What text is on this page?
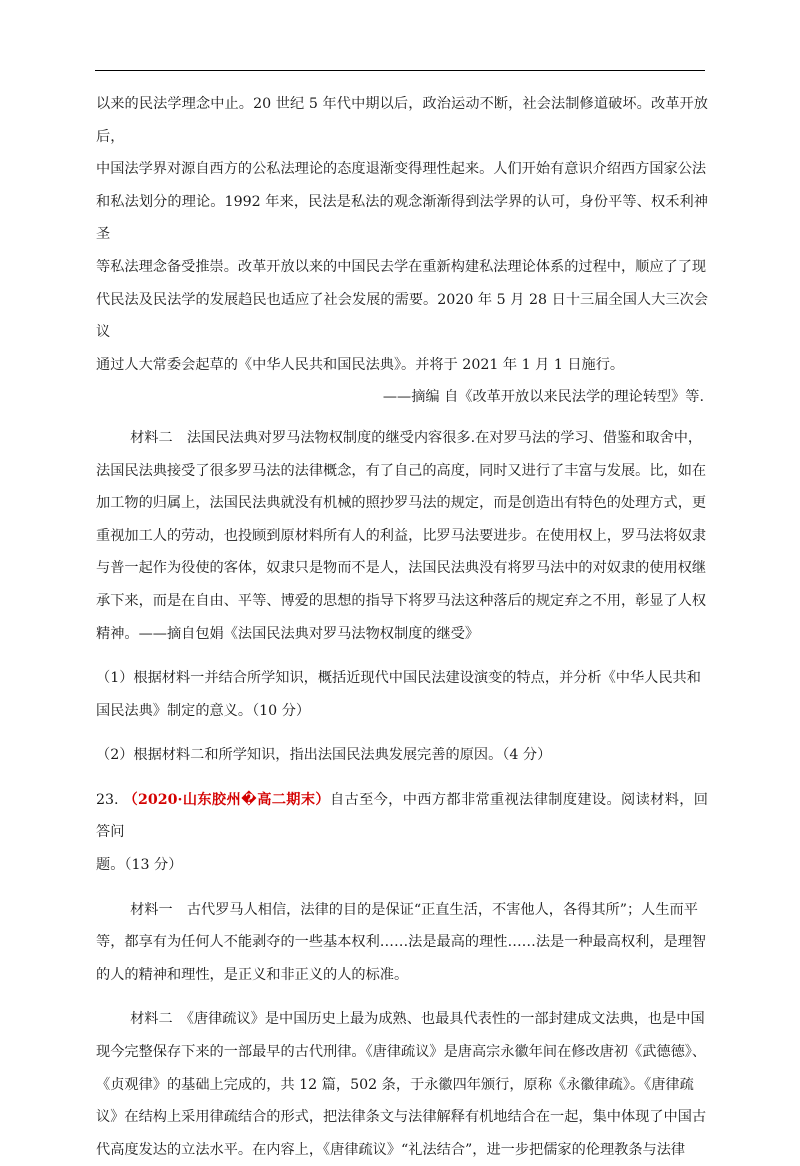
以来的民法学理念中止。20 世纪 5 年代中期以后，政治运动不断，社会法制修道破坏。改革开放后，

中国法学界对源自西方的公私法理论的态度退渐变得理性起来。人们开始有意识介绍西方国家公法

和私法划分的理论。1992 年来，民法是私法的观念渐渐得到法学界的认可，身份平等、权禾利神圣

等私法理念备受推崇。改革开放以来的中国民去学在重新构建私法理论体系的过程中，顺应了了现

代民法及民法学的发展趋民也适应了社会发展的需要。2020 年 5 月 28 日十三届全国人大三次会议

通过人大常委会起草的《中华人民共和国民法典》。并将于 2021 年 1 月 1 日施行。

——摘编 自《改革开放以来民法学的理论转型》等.

材料二　法国民法典对罗马法物权制度的继受内容很多.在对罗马法的学习、借鉴和取舍中，

法国民法典接受了很多罗马法的法律概念，有了自己的高度，同时又进行了丰富与发展。比，如在

加工物的归属上，法国民法典就没有机械的照抄罗马法的规定，而是创造出有特色的处理方式，更

重视加工人的劳动，也投顾到原材料所有人的利益，比罗马法要进步。在使用权上，罗马法将奴隶

与普一起作为役使的客体，奴隶只是物而不是人，法国民法典没有将罗马法中的对奴隶的使用权继

承下来，而是在自由、平等、博爱的思想的指导下将罗马法这种落后的规定弃之不用，彰显了人权

精神。——摘自包娟《法国民法典对罗马法物权制度的继受》

（1）根据材料一并结合所学知识，概括近现代中国民法建设演变的特点，并分析《中华人民共和

国民法典》制定的意义。（10 分）

（2）根据材料二和所学知识，指出法国民法典发展完善的原因。（4 分）

23. （2020·山东胶州�高二期末）自古至今，中西方都非常重视法律制度建设。阅读材料，回答问

题。（13 分）

材料一　古代罗马人相信，法律的目的是保证“正直生活，不害他人，各得其所”；人生而平

等，都享有为任何人不能剥夺的一些基本权利……法是最高的理性……法是一种最高权利，是理智

的人的精神和理性，是正义和非正义的人的标准。

材料二　《唐律疏议》是中国历史上最为成熟、也最具代表性的一部封建成文法典，也是中国

现今完整保存下来的一部最早的古代刑律。《唐律疏议》是唐高宗永徽年间在修改唐初《武德德》、

《贞观律》的基础上完成的，共 12 篇，502 条，于永徽四年颁行，原称《永徽律疏》。《唐律疏

议》在结构上采用律疏结合的形式，把法律条文与法律解释有机地结合在一起，集中体现了中国古

代高度发达的立法水平。在内容上，《唐律疏议》“礼法结合”，进一步把儒家的伦理教条与法律
